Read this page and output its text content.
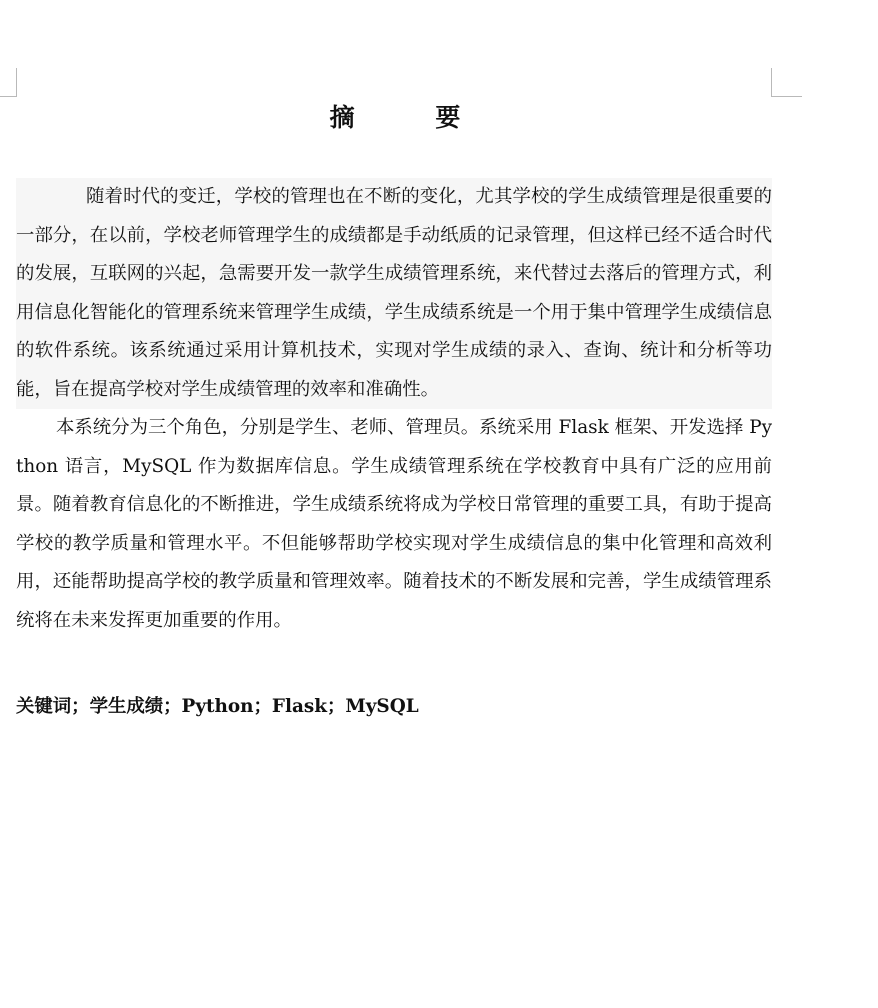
摘 要

随着时代的变迁，学校的管理也在不断的变化，尤其学校的学生成绩管理是很重要的一部分，在以前，学校老师管理学生的成绩都是手动纸质的记录管理，但这样已经不适合时代的发展，互联网的兴起，急需要开发一款学生成绩管理系统，来代替过去落后的管理方式，利用信息化智能化的管理系统来管理学生成绩，学生成绩系统是一个用于集中管理学生成绩信息的软件系统。该系统通过采用计算机技术，实现对学生成绩的录入、查询、统计和分析等功能，旨在提高学校对学生成绩管理的效率和准确性。

本系统分为三个角色，分别是学生、老师、管理员。系统采用 Flask 框架、开发选择 Python 语言，MySQL 作为数据库信息。学生成绩管理系统在学校教育中具有广泛的应用前景。随着教育信息化的不断推进，学生成绩系统将成为学校日常管理的重要工具，有助于提高学校的教学质量和管理水平。不但能够帮助学校实现对学生成绩信息的集中化管理和高效利用，还能帮助提高学校的教学质量和管理效率。随着技术的不断发展和完善，学生成绩管理系统将在未来发挥更加重要的作用。

关键词；学生成绩；Python；Flask；MySQL
